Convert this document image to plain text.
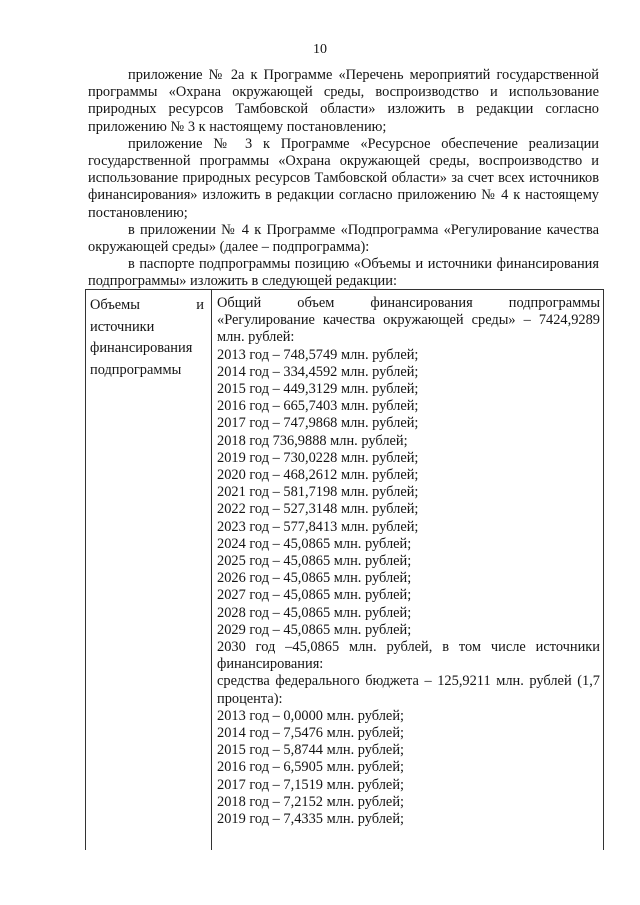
10

приложение № 2а к Программе «Перечень мероприятий государственной программы «Охрана окружающей среды, воспроизводство и использование природных ресурсов Тамбовской области» изложить в редакции согласно приложению № 3 к настоящему постановлению;

приложение № 3 к Программе «Ресурсное обеспечение реализации государственной программы «Охрана окружающей среды, воспроизводство и использование природных ресурсов Тамбовской области» за счет всех источников финансирования» изложить в редакции согласно приложению № 4 к настоящему постановлению;

в приложении № 4 к Программе «Подпрограмма «Регулирование качества окружающей среды» (далее – подпрограмма):

в паспорте подпрограммы позицию «Объемы и источники финансирования подпрограммы» изложить в следующей редакции:

Объемы и
источники
финансирования
подпрограммы

Общий объем финансирования подпрограммы «Регулирование качества окружающей среды» – 7424,9289 млн. рублей:

2013 год – 748,5749 млн. рублей;
2014 год – 334,4592 млн. рублей;
2015 год – 449,3129 млн. рублей;
2016 год – 665,7403 млн. рублей;
2017 год – 747,9868 млн. рублей;
2018 год 736,9888 млн. рублей;
2019 год – 730,0228 млн. рублей;
2020 год – 468,2612 млн. рублей;
2021 год – 581,7198 млн. рублей;
2022 год – 527,3148 млн. рублей;
2023 год – 577,8413 млн. рублей;
2024 год – 45,0865 млн. рублей;
2025 год – 45,0865 млн. рублей;
2026 год – 45,0865 млн. рублей;
2027 год – 45,0865 млн. рублей;
2028 год – 45,0865 млн. рублей;
2029 год – 45,0865 млн. рублей;

2030 год –45,0865 млн. рублей, в том числе источники финансирования:

средства федерального бюджета – 125,9211 млн. рублей (1,7 процента):

2013 год – 0,0000 млн. рублей;
2014 год – 7,5476 млн. рублей;
2015 год – 5,8744 млн. рублей;
2016 год – 6,5905 млн. рублей;
2017 год – 7,1519 млн. рублей;
2018 год – 7,2152 млн. рублей;
2019 год – 7,4335 млн. рублей;
